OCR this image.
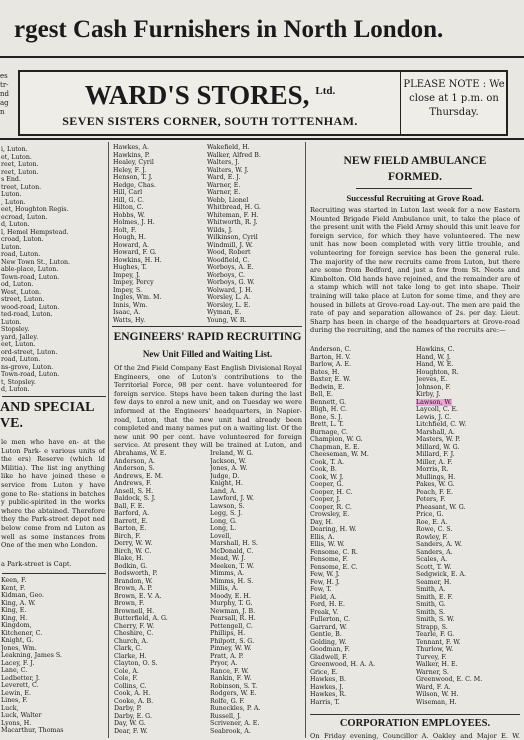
rgest Cash Furnishers in North London.
es
tr-
nd
ag
n
WARD'S STORES, $^{Ltd.}$
SEVEN SISTERS CORNER, SOUTH TOTTENHAM.
PLEASE NOTE : We
close at 1 p.m. on
Thursday.
i, Luton.
et, Luton.
reet, Luton.
reet, Luton.
s End.
treet, Luton.
Luton.
, Luton.
eet, Houghton Regis.
ecroad, Luton.
d, Luton.
l, Hemel Hempstead.
croad, Luton.
Luton.
road, Luton.
New Town St., Luton.
able-place, Luton.
Town-road, Luton.
od, Luton.
West, Luton.
street, Luton.
wood-road, Luton.
ted-road, Luton.
Luton.
Stopsley.
yard, Jalley.
eet, Luton.
ord-street, Luton.
road, Luton.
ns-grove, Luton.
Town-road, Luton.
t, Stopsley.
d, Luton.
AND SPECIAL
VE.
le men who have en- at the Luton Park- e various units of the ers) Reserve (which ld Militia). The list ing anything like ho have joined these e service from Luton y have gone to Re- stations in batches y public-spirited in the works where the abtained. Therefore they the Park-street depot ned below come from nd Luton as well as some instances from One of the men who London.
a Park-street is Capt.
Keen, F.
Kent, F.
Kidman, Geo.
King, A. W.
King, E.
King, H.
Kingdom,
Kitchener, C.
Knight, G.
Jones, Wm.
Leakning, James S.
Lacey, F. J.
Lane, C.
Ledbetter, J.
Leverett, C.
Lewin, E.
Lines, F.
Luck,
Luck, Walter
Lyons, H.
Macarthur, Thomas
Hawkes, A.
Hawkins, P.
Healey, Cyril
Heley, F. J.
Henson, T. J.
Hedge, Chas.
Hill, Carl
Hill, G. C.
Hilton, C.
Hobbs, W.
Holmes, J. H.
Holt, F.
Hough, H.
Howard, A.
Howard, F. G.
Howkins, H. H.
Hughes, T.
Impey, J.
Impey, Percy
Impey, S.
Ingles, Wm. M.
Innis, Wm.
Isaac, A.
Watts, Hy.
Wakefield, H.
Walker, Alfred B.
Walters, J.
Walters, W. J.
Ward, E. J.
Warner, E.
Warner, E.
Webb, Lionel
Whitbread, H. G.
Whiteman, F. H.
Whitworth, R. J.
Wilds, J.
Wilkinson, Cyril
Windmill, J. W.
Wood, Robert
Woodfield, C.
Worboys, A. E.
Worboys, C.
Worboys, G. W.
Wolward, J. H.
Worsley, L. A.
Worsley, L. E.
Wyman, E.
Young, W. R.
ENGINEERS' RAPID RECRUITING
New Unit Filled and Waiting List.
Of the 2nd Field Company East English Divisional Royal Engineers, one of Luton's contributions to the Territorial Force, 98 per cent. have volunteered for foreign service. Steps have been taken during the last few days to enrol a new unit, and on Tuesday we were informed at the Engineers' headquarters, in Napier-road, Luton, that the new unit had already been completed and many names put on a waiting list. Of the new unit 90 per cent. have volunteered for foreign service. At present they will be trained at Luton, and
Abrahams, W. E.
Anderson, A.
Anderson, S.
Andrews, E. M.
Andrews, F.
Ansell, S. H.
Baldock, S. J.
Ball, F. E.
Barford, A.
Barrett, E.
Barton, E.
Birch, F.
Derry, W. W.
Birch, W. C.
Blake, H.
Bodkin, G.
Bodsworth, P.
Brandon, W.
Brown, A. P.
Brown, E. V. A.
Brown, F.
Brownell, H.
Butterfield, A. G.
Cherry, F. W.
Cheshire, C.
Church, A.
Clark, C.
Clarke, H.
Clayton, O. S.
Cole, A.
Cole, F.
Collins, C.
Cook, A. H.
Cooke, A. B.
Darby, P.
Darby, E. G.
Day, W. G.
Dear, F. W.
Ireland, W. G.
Jackson, W.
Jones, A. W.
Judge, D.
Knight, H.
Land, A.
Lawford, J. W.
Lawson, S.
Legg, S. J.
Long, G.
Long, L.
Lovell,
Marshall, H. S.
McDonald, C.
Mead, W. J.
Meeken, T. W.
Mimms, A.
Mimms, H. S.
Millis, A.
Moody, E. H.
Murphy, T. G.
Newman, J. B.
Pearsall, R. H.
Pettengell, C.
Phillips, H.
Philpott, S. G.
Pinney, W. W.
Pratt, A. P.
Pryor, A.
Rance, F. W.
Rankin, F. W.
Robinson, S. T.
Rodgers, W. E.
Rolfe, G. F.
Runeckles, P. A.
Russell, J.
Scrivener, A. E.
Seabrook, A.
NEW FIELD AMBULANCE
FORMED.
Successful Recruiting at Grove Road.
Recruiting was started in Luton last week for a new Eastern Mounted Brigade Field Ambulance unit, to take the place of the present unit with the Field Army should this unit leave for foreign service, for which they have volunteered. The new unit has now been completed with very little trouble, and volunteering for foreign service has been the general rule. The majority of the new recruits came from Luton, but there are some from Bedford, and just a few from St. Neots and Kimbolton. Old hands have rejoined, and the remainder are of a stamp which will not take long to get into shape. Their training will take place at Luton for some time, and they are housed in billets at Grove-road Lay-out. The men are paid the rate of pay and separation allowance of 2s. per day. Lieut. Sharp has been in charge of the headquarters at Grove-road during the recruiting, and the names of the recruits are:—
Anderson, C.
Barton, H. V.
Barlow, A. E.
Bates, H.
Baxter, E. W.
Bedwin, E.
Bell, E.
Bennett, G.
Bligh, H. C.
Bone, S. J.
Brett, L. T.
Burnage, C.
Champion, W. G.
Chapman, E. E.
Cheeseman, W. M.
Cook, T. A.
Cook, B.
Cook, W. J.
Cooper, G.
Cooper, H. C.
Cooper, J.
Cooper, R. C.
Crowsley, E.
Day, H.
Dearing, H. W.
Ellis, A.
Ellis, W. W.
Fensome, C. R.
Fensome, F.
Fensome, E. C.
Few, W. J.
Few, H. J.
Few, T.
Field, A.
Ford, H. E.
Freak, V.
Fullerton, C.
Garrard, W.
Gentle, B.
Golding, W.
Goodman, F.
Gladwell, F.
Greenwood, H. A. A.
Grice, E.
Hawkes, B.
Hawkes, J.
Hawkes, R.
Harris, T.
Hawkins, C.
Hand, W. J.
Hand, W. E.
Houghton, R.
Jeeves, E.
Johnson, F.
Kirby, J.
Lawson, W.
Laycoll, C. E.
Lewis, J. C.
Litchfield, C. W.
Marshall, A.
Masters, W. P.
Millard, W. G.
Millard, F. J.
Miller, A. F.
Morris, R.
Mullings, H.
Pakes, W. G.
Peach, F. E.
Peters, F.
Pheasant, W. G.
Price, G.
Roe, E. A.
Rowe, C. S.
Rowley, F.
Sanders, A. W.
Sanders, A.
Scales, A.
Scott, T. W.
Sedgwick, E. A.
Seamer, H.
Smith, A.
Smith, E. F.
Smith, G.
Smith, S.
Smith, S. W.
Strapp, S.
Tearle, F. G.
Tennant, F. W.
Thurlow, W.
Turvey, F.
Walker, H. E.
Warner, S.
Greenwood, E. C. M.
Ward, F. A.
Wilson, W. H.
Wiseman, H.
CORPORATION EMPLOYEES.
On Friday evening, Councillor A. Oakley and Major E. W.
